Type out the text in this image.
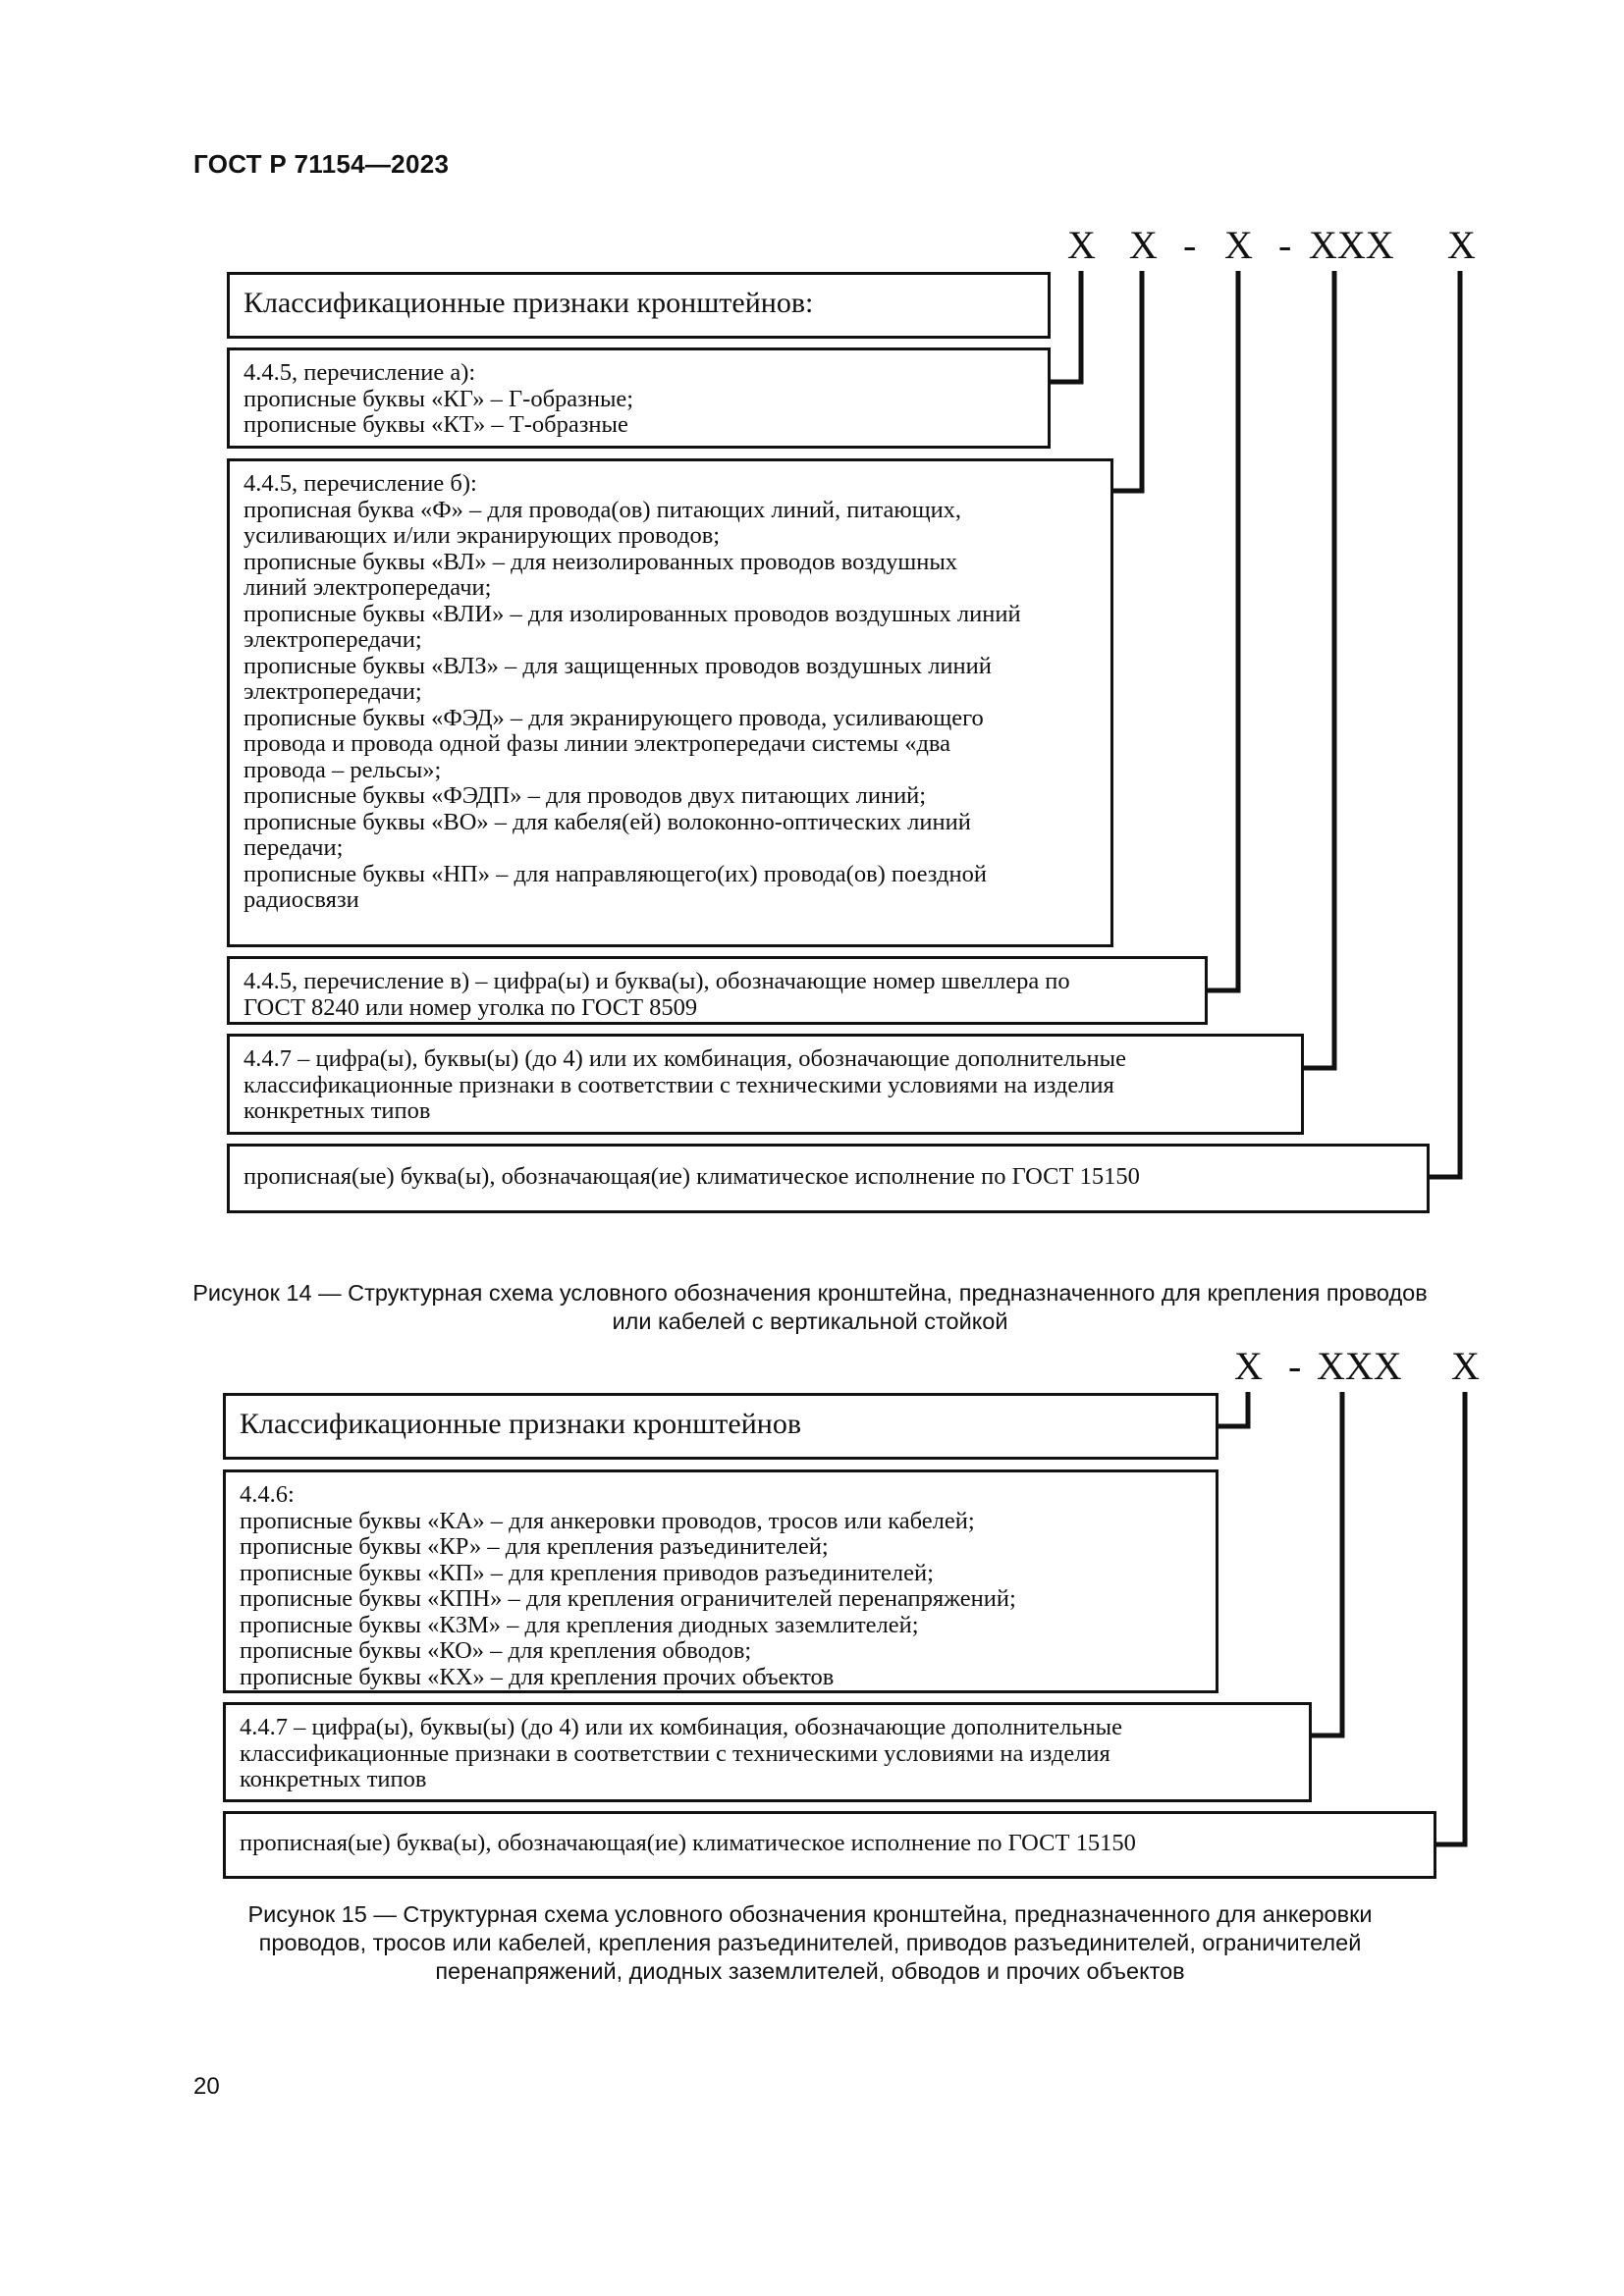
ГОСТ Р 71154—2023
X X - X - XXX X
Классификационные признаки кронштейнов:
4.4.5, перечисление а):
прописные буквы «КГ» – Г-образные;
прописные буквы «КТ» – Т-образные
4.4.5, перечисление б):
прописная буква «Ф» – для провода(ов) питающих линий, питающих,
усиливающих и/или экранирующих проводов;
прописные буквы «ВЛ» – для неизолированных проводов воздушных
линий электропередачи;
прописные буквы «ВЛИ» – для изолированных проводов воздушных линий
электропередачи;
прописные буквы «ВЛЗ» – для защищенных проводов воздушных линий
электропередачи;
прописные буквы «ФЭД» – для экранирующего провода, усиливающего
провода и провода одной фазы линии электропередачи системы «два
провода – рельсы»;
прописные буквы «ФЭДП» – для проводов двух питающих линий;
прописные буквы «ВО» – для кабеля(ей) волоконно-оптических линий
передачи;
прописные буквы «НП» – для направляющего(их) провода(ов) поездной
радиосвязи
4.4.5, перечисление в) – цифра(ы) и буква(ы), обозначающие номер швеллера по
ГОСТ 8240 или номер уголка по ГОСТ 8509
4.4.7 – цифра(ы), буквы(ы) (до 4) или их комбинация, обозначающие дополнительные
классификационные признаки в соответствии с техническими условиями на изделия
конкретных типов
прописная(ые) буква(ы), обозначающая(ие) климатическое исполнение по ГОСТ 15150
Рисунок 14 — Структурная схема условного обозначения кронштейна, предназначенного для крепления проводов
или кабелей с вертикальной стойкой
X - XXX X
Классификационные признаки кронштейнов
4.4.6:
прописные буквы «КА» – для анкеровки проводов, тросов или кабелей;
прописные буквы «КР» – для крепления разъединителей;
прописные буквы «КП» – для крепления приводов разъединителей;
прописные буквы «КПН» – для крепления ограничителей перенапряжений;
прописные буквы «КЗМ» – для крепления диодных заземлителей;
прописные буквы «КО» – для крепления обводов;
прописные буквы «КХ» – для крепления прочих объектов
4.4.7 – цифра(ы), буквы(ы) (до 4) или их комбинация, обозначающие дополнительные
классификационные признаки в соответствии с техническими условиями на изделия
конкретных типов
прописная(ые) буква(ы), обозначающая(ие) климатическое исполнение по ГОСТ 15150
Рисунок 15 — Структурная схема условного обозначения кронштейна, предназначенного для анкеровки
проводов, тросов или кабелей, крепления разъединителей, приводов разъединителей, ограничителей
перенапряжений, диодных заземлителей, обводов и прочих объектов
20
